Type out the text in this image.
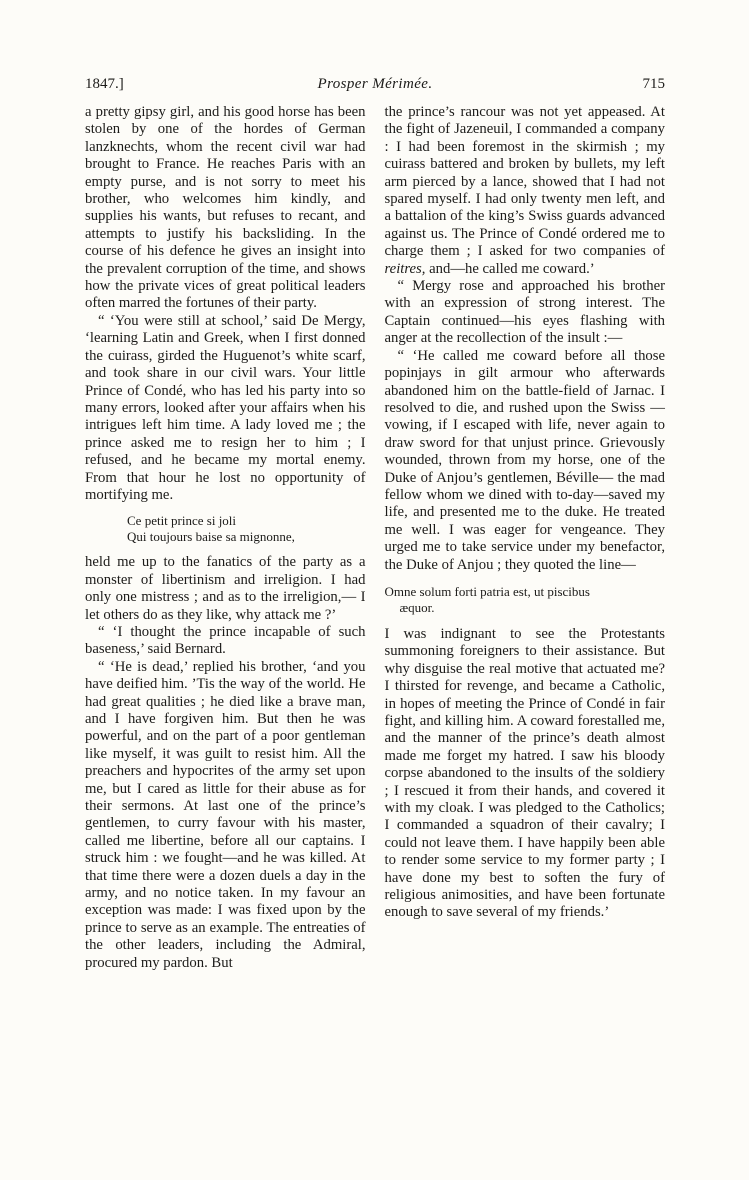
1847.]	Prosper Mérimée.	715

a pretty gipsy girl, and his good horse has been stolen by one of the hordes of German lanzknechts, whom the recent civil war had brought to France. He reaches Paris with an empty purse, and is not sorry to meet his brother, who welcomes him kindly, and supplies his wants, but refuses to recant, and attempts to justify his backsliding. In the course of his defence he gives an insight into the prevalent corruption of the time, and shows how the private vices of great political leaders often marred the fortunes of their party.

“ ‘You were still at school,’ said De Mergy, ‘learning Latin and Greek, when I first donned the cuirass, girded the Huguenot’s white scarf, and took share in our civil wars. Your little Prince of Condé, who has led his party into so many errors, looked after your affairs when his intrigues left him time. A lady loved me ; the prince asked me to resign her to him ; I refused, and he became my mortal enemy. From that hour he lost no opportunity of mortifying me.

Ce petit prince si joli
Qui toujours baise sa mignonne,

held me up to the fanatics of the party as a monster of libertinism and irreligion. I had only one mistress ; and as to the irreligion,— I let others do as they like, why attack me ?’

“ ‘I thought the prince incapable of such baseness,’ said Bernard.

“ ‘He is dead,’ replied his brother, ‘and you have deified him. ’Tis the way of the world. He had great qualities ; he died like a brave man, and I have forgiven him. But then he was powerful, and on the part of a poor gentleman like myself, it was guilt to resist him. All the preachers and hypocrites of the army set upon me, but I cared as little for their abuse as for their sermons. At last one of the prince’s gentlemen, to curry favour with his master, called me libertine, before all our captains. I struck him : we fought—and he was killed. At that time there were a dozen duels a day in the army, and no notice taken. In my favour an exception was made: I was fixed upon by the prince to serve as an example. The entreaties of the other leaders, including the Admiral, procured my pardon. But

the prince’s rancour was not yet appeased. At the fight of Jazeneuil, I commanded a company : I had been foremost in the skirmish ; my cuirass battered and broken by bullets, my left arm pierced by a lance, showed that I had not spared myself. I had only twenty men left, and a battalion of the king’s Swiss guards advanced against us. The Prince of Condé ordered me to charge them ; I asked for two companies of reitres, and—he called me coward.’

“ Mergy rose and approached his brother with an expression of strong interest. The Captain continued—his eyes flashing with anger at the recollection of the insult :—

“ ‘He called me coward before all those popinjays in gilt armour who afterwards abandoned him on the battle-field of Jarnac. I resolved to die, and rushed upon the Swiss —vowing, if I escaped with life, never again to draw sword for that unjust prince. Grievously wounded, thrown from my horse, one of the Duke of Anjou’s gentlemen, Béville— the mad fellow whom we dined with to-day—saved my life, and presented me to the duke. He treated me well. I was eager for vengeance. They urged me to take service under my benefactor, the Duke of Anjou ; they quoted the line—

Omne solum forti patria est, ut piscibus
æquor.

I was indignant to see the Protestants summoning foreigners to their assistance. But why disguise the real motive that actuated me? I thirsted for revenge, and became a Catholic, in hopes of meeting the Prince of Condé in fair fight, and killing him. A coward forestalled me, and the manner of the prince’s death almost made me forget my hatred. I saw his bloody corpse abandoned to the insults of the soldiery ; I rescued it from their hands, and covered it with my cloak. I was pledged to the Catholics; I commanded a squadron of their cavalry; I could not leave them. I have happily been able to render some service to my former party ; I have done my best to soften the fury of religious animosities, and have been fortunate enough to save several of my friends.’
